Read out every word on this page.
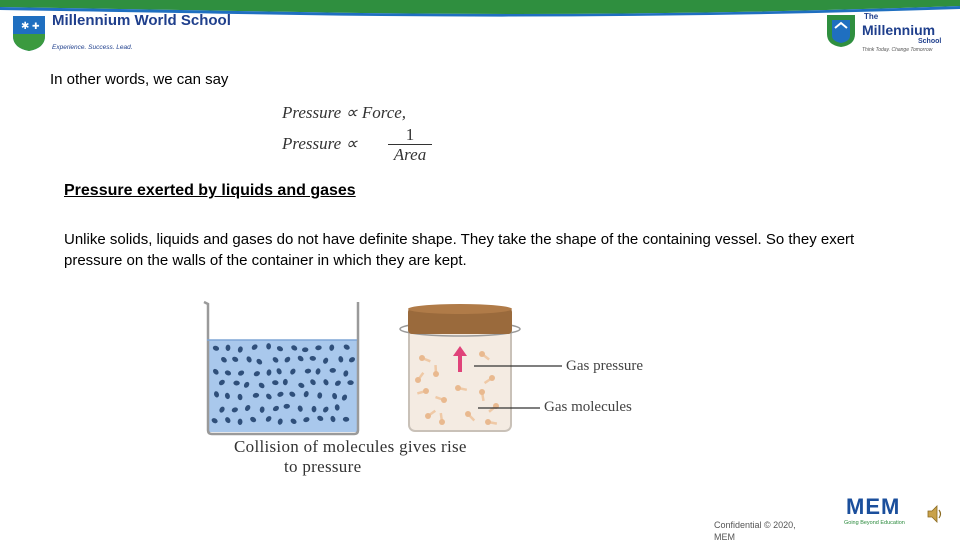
✱ ✚ Millennium World School
Experience. Success. Lead.
The
Millennium
School
Think Today. Change Tomorrow
In other words, we can say
Pressure ∝ Force,
Pressure ∝	1
Area
Pressure exerted by liquids and gases
Unlike solids, liquids and gases do not have definite shape. They take the shape of the containing vessel. So they exert pressure on the walls of the container in which they are kept.
Collision of molecules gives rise
to pressure
Gas pressure
Gas molecules
Confidential © 2020, MEM
MEM
Going Beyond Education
